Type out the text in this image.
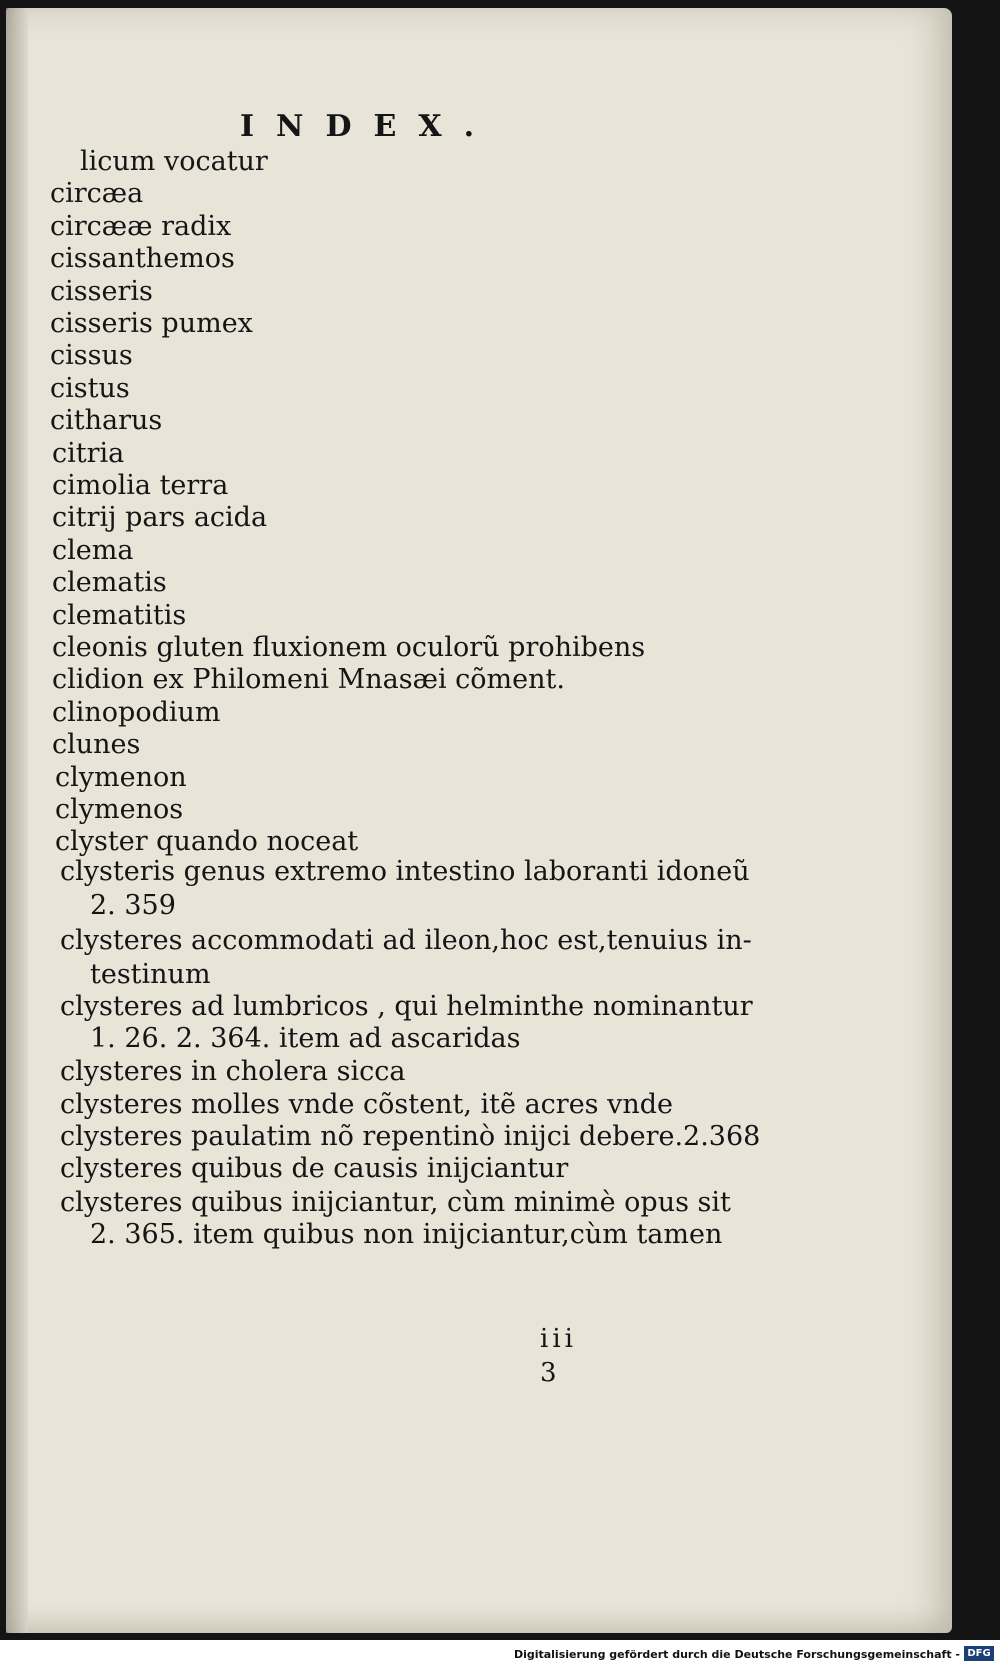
INDEX.
licum vocatur
circæa
circææ radix
cissanthemos
cisseris
cisseris pumex
cissus
cistus
citharus
citria
cimolia terra
citrij pars acida
clema
clematis
clematitis
cleonis gluten fluxionem oculorũ prohibens
clidion ex Philomeni Mnasæi cõment.
clinopodium
clunes
clymenon
clymenos
clyster quando noceat
clysteris genus extremo intestino laboranti idoneũ
2. 359
clysteres accommodati ad ileon,hoc est,tenuius in-
testinum
clysteres ad lumbricos , qui helminthe nominantur
1. 26. 2. 364. item ad ascaridas
clysteres in cholera sicca
clysteres molles vnde cõstent, itẽ acres vnde
clysteres paulatim nõ repentinò inijci debere.2.368
clysteres quibus de causis inijciantur
clysteres quibus inijciantur, cùm minimè opus sit
2. 365. item quibus non inijciantur,cùm tamen
iii 3
Digitalisierung gefördert durch die Deutsche Forschungsgemeinschaft - DFG
